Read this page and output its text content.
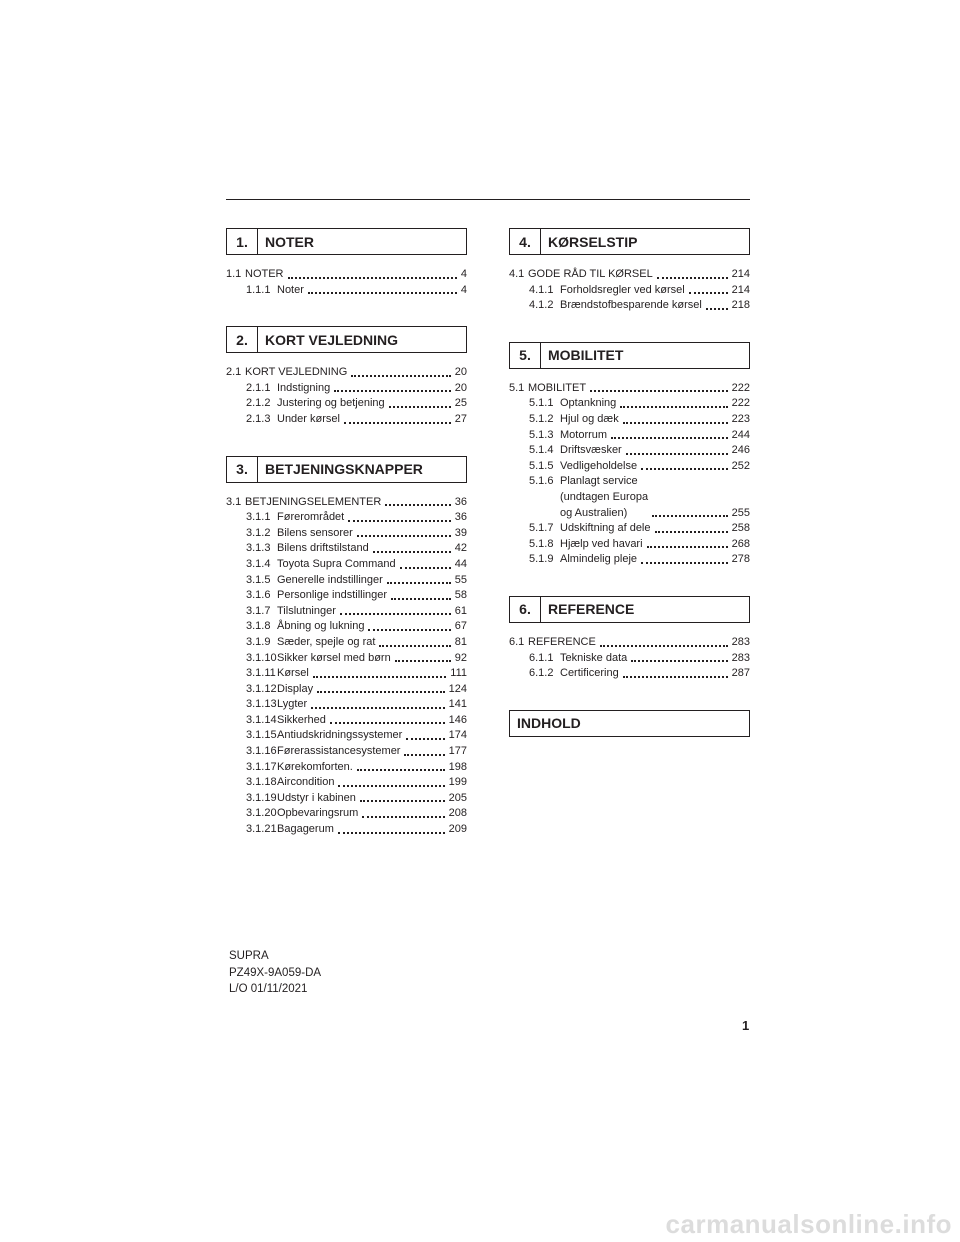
1.	NOTER
1.1 NOTER	4
1.1.1 Noter	4
2.	KORT VEJLEDNING
2.1 KORT VEJLEDNING	20
2.1.1 Indstigning	20
2.1.2 Justering og betjening	25
2.1.3 Under kørsel	27
3.	BETJENINGSKNAPPER
3.1 BETJENINGSELEMENTER	36
3.1.1 Førerområdet	36
3.1.2 Bilens sensorer	39
3.1.3 Bilens driftstilstand	42
3.1.4 Toyota Supra Command	44
3.1.5 Generelle indstillinger	55
3.1.6 Personlige indstillinger	58
3.1.7 Tilslutninger	61
3.1.8 Åbning og lukning	67
3.1.9 Sæder, spejle og rat	81
3.1.10 Sikker kørsel med børn	92
3.1.11 Kørsel	111
3.1.12 Display	124
3.1.13 Lygter	141
3.1.14 Sikkerhed	146
3.1.15 Antiudskridningssystemer	174
3.1.16 Førerassistancesystemer	177
3.1.17 Kørekomforten.	198
3.1.18 Aircondition	199
3.1.19 Udstyr i kabinen	205
3.1.20 Opbevaringsrum	208
3.1.21 Bagagerum	209
4.	KØRSELSTIP
4.1 GODE RÅD TIL KØRSEL	214
4.1.1 Forholdsregler ved kørsel	214
4.1.2 Brændstofbesparende kørsel	218
5.	MOBILITET
5.1 MOBILITET	222
5.1.1 Optankning	222
5.1.2 Hjul og dæk	223
5.1.3 Motorrum	244
5.1.4 Driftsvæsker	246
5.1.5 Vedligeholdelse	252
5.1.6 Planlagt service
(undtagen Europa
og Australien)	255
5.1.7 Udskiftning af dele	258
5.1.8 Hjælp ved havari	268
5.1.9 Almindelig pleje	278
6.	REFERENCE
6.1 REFERENCE	283
6.1.1 Tekniske data	283
6.1.2 Certificering	287
INDHOLD
SUPRA
PZ49X-9A059-DA
L/O 01/11/2021
1
carmanualsonline.info
